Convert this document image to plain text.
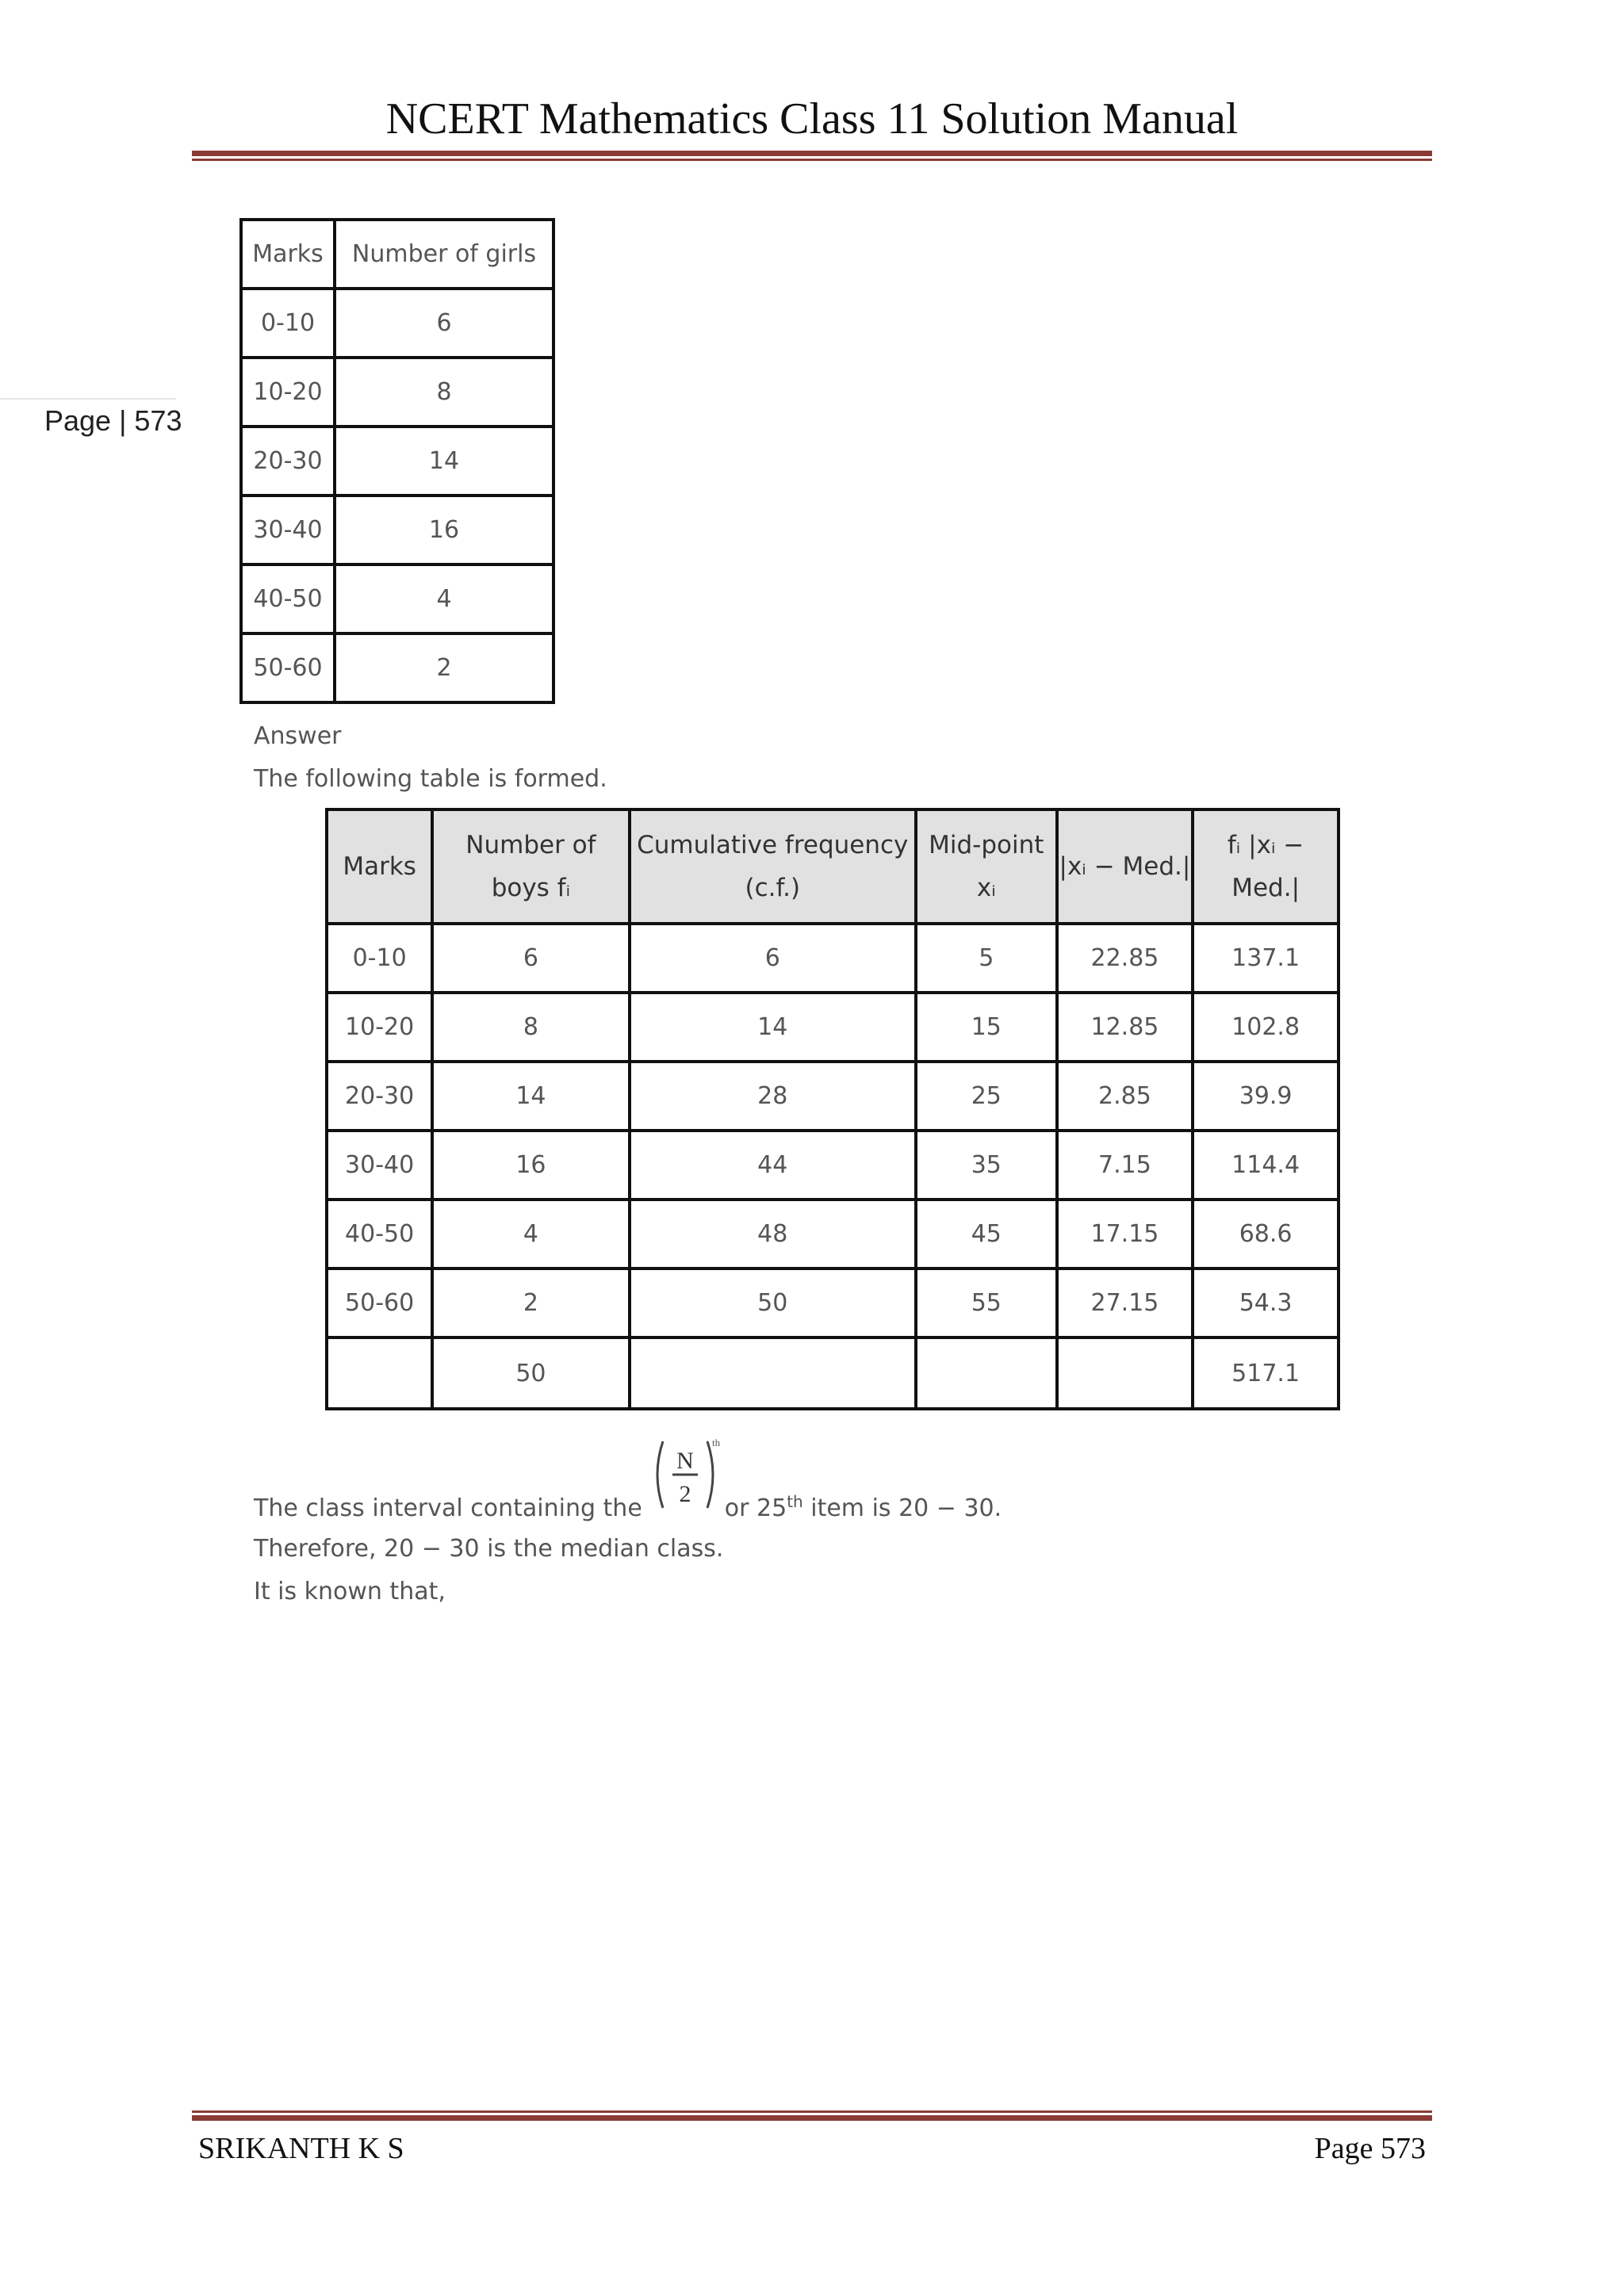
NCERT Mathematics Class 11 Solution Manual
Page | 573
Marks	Number of girls
0-10	6
10-20	8
20-30	14
30-40	16
40-50	4
50-60	2
Answer
The following table is formed.
Marks	Number of boys fᵢ	Cumulative frequency (c.f.)	Mid-point xᵢ	|xᵢ − Med.|	fᵢ |xᵢ − Med.|
0-10	6	6	5	22.85	137.1
10-20	8	14	15	12.85	102.8
20-30	14	28	25	2.85	39.9
30-40	16	44	35	7.15	114.4
40-50	4	48	45	17.15	68.6
50-60	2	50	55	27.15	54.3
	50				517.1
The class interval containing the	or 25th item is 20 − 30.
N
2
th
Therefore, 20 − 30 is the median class.
It is known that,
SRIKANTH K S	Page 573
